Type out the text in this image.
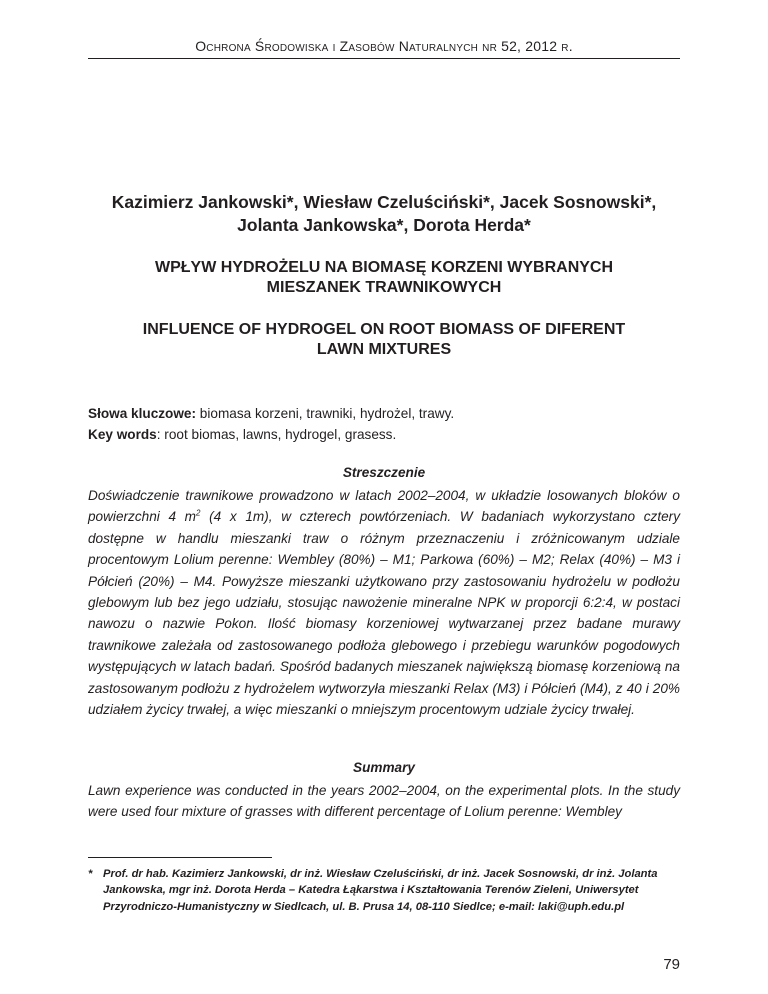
Ochrona Środowiska i Zasobów Naturalnych nr 52, 2012 r.
Kazimierz Jankowski*, Wiesław Czeluściński*, Jacek Sosnowski*,
Jolanta Jankowska*, Dorota Herda*
WPŁYW HYDROŻELU NA BIOMASĘ KORZENI WYBRANYCH
MIESZANEK TRAWNIKOWYCH
INFLUENCE OF HYDROGEL ON ROOT BIOMASS OF DIFERENT
LAWN MIXTURES
Słowa kluczowe: biomasa korzeni, trawniki, hydrożel, trawy.
Key words: root biomas, lawns, hydrogel, grasess.
Streszczenie
Doświadczenie trawnikowe prowadzono w latach 2002–2004, w układzie losowanych bloków o powierzchni 4 $m^2$ (4 x 1m), w czterech powtórzeniach. W badaniach wykorzystano cztery dostępne w handlu mieszanki traw o różnym przeznaczeniu i zróżnicowanym udziale procentowym Lolium perenne: Wembley (80%) – M1; Parkowa (60%) – M2; Relax (40%) – M3 i Półcień (20%) – M4. Powyższe mieszanki użytkowano przy zastosowaniu hydrożelu w podłożu glebowym lub bez jego udziału, stosując nawożenie mineralne NPK w proporcji 6:2:4, w postaci nawozu o nazwie Pokon. Ilość biomasy korzeniowej wytwarzanej przez badane murawy trawnikowe zależała od zastosowanego podłoża glebowego i przebiegu warunków pogodowych występujących w latach badań. Spośród badanych mieszanek największą biomasę korzeniową na zastosowanym podłożu z hydrożelem wytworzyła mieszanki Relax (M3) i Półcień (M4), z 40 i 20% udziałem życicy trwałej, a więc mieszanki o mniejszym procentowym udziale życicy trwałej.
Summary
Lawn experience was conducted in the years 2002–2004, on the experimental plots. In the study were used four mixture of grasses with different percentage of Lolium perenne: Wembley
* Prof. dr hab. Kazimierz Jankowski, dr inż. Wiesław Czeluściński, dr inż. Jacek Sosnowski, dr inż. Jolanta Jankowska, mgr inż. Dorota Herda – Katedra Łąkarstwa i Kształtowania Terenów Zieleni, Uniwersytet Przyrodniczo-Humanistyczny w Siedlcach, ul. B. Prusa 14, 08-110 Siedlce; e-mail: laki@uph.edu.pl
79
